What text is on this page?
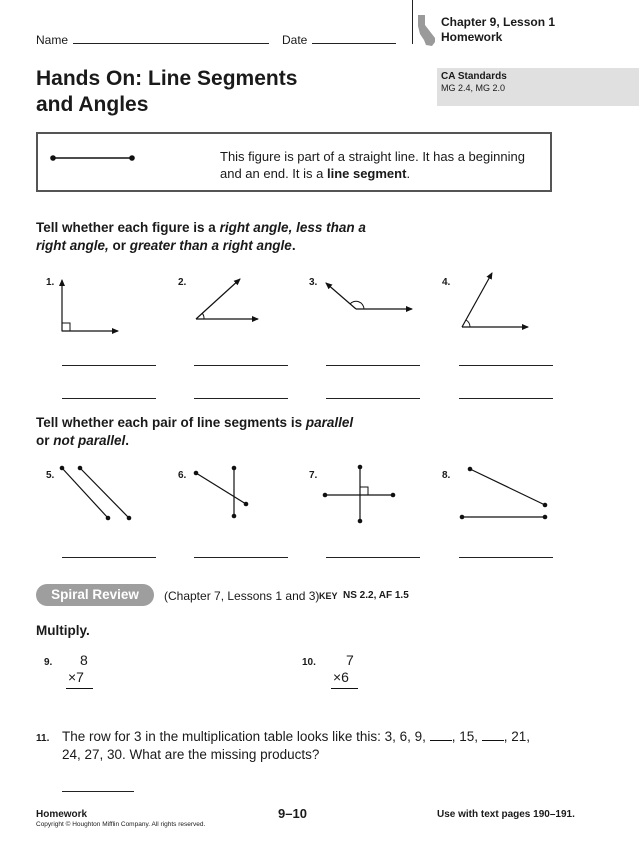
Name	Date
Chapter 9, Lesson 1
Homework
Hands On: Line Segments
and Angles
CA Standards
MG 2.4, MG 2.0
This figure is part of a straight line. It has a beginning
and an end. It is a line segment.
Tell whether each figure is a right angle, less than a
right angle, or greater than a right angle.
1.	2.	3.	4.
Tell whether each pair of line segments is parallel
or not parallel.
5.	6.	7.	8.
Spiral Review	(Chapter 7, Lessons 1 and 3) KEY NS 2.2, AF 1.5
Multiply.
9. 8
×7
10. 7
×6
11. The row for 3 in the multiplication table looks like this: 3, 6, 9, , 15, , 21,
24, 27, 30. What are the missing products?
Homework
Copyright © Houghton Mifflin Company. All rights reserved.
9–10	Use with text pages 190–191.
